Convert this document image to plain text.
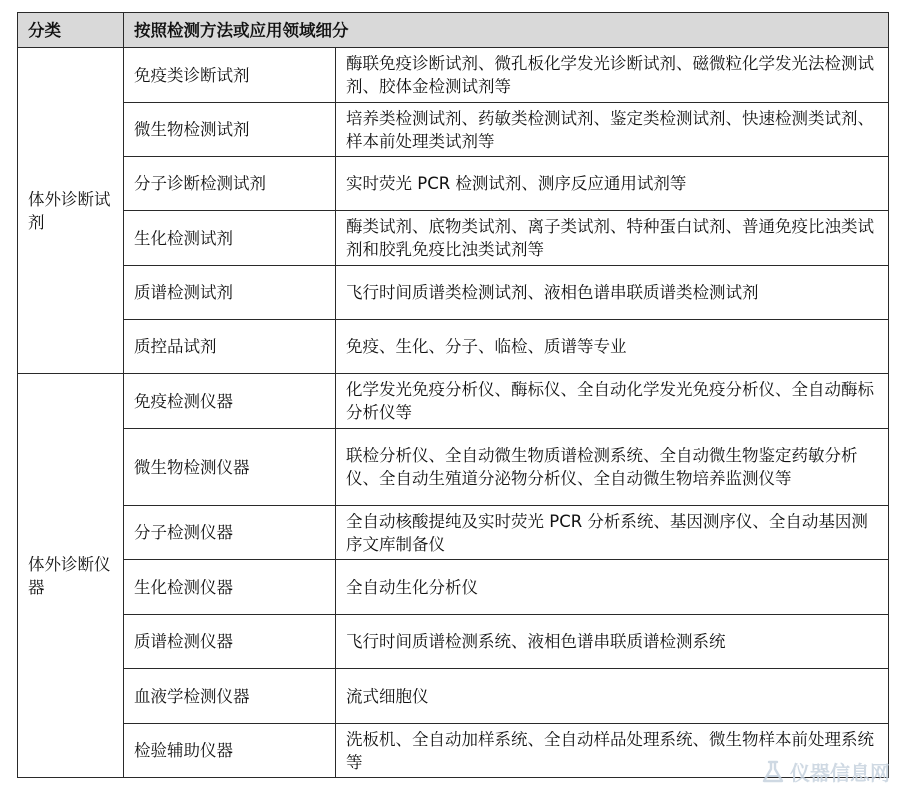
分类	按照检测方法或应用领域细分	
体外诊断试剂	免疫类诊断试剂	酶联免疫诊断试剂、微孔板化学发光诊断试剂、磁微粒化学发光法检测试剂、胶体金检测试剂等
	微生物检测试剂	培养类检测试剂、药敏类检测试剂、鉴定类检测试剂、快速检测类试剂、样本前处理类试剂等
	分子诊断检测试剂	实时荧光 PCR 检测试剂、测序反应通用试剂等
	生化检测试剂	酶类试剂、底物类试剂、离子类试剂、特种蛋白试剂、普通免疫比浊类试剂和胶乳免疫比浊类试剂等
	质谱检测试剂	飞行时间质谱类检测试剂、液相色谱串联质谱类检测试剂
	质控品试剂	免疫、生化、分子、临检、质谱等专业
体外诊断仪器	免疫检测仪器	化学发光免疫分析仪、酶标仪、全自动化学发光免疫分析仪、全自动酶标分析仪等
	微生物检测仪器	联检分析仪、全自动微生物质谱检测系统、全自动微生物鉴定药敏分析仪、全自动生殖道分泌物分析仪、全自动微生物培养监测仪等
	分子检测仪器	全自动核酸提纯及实时荧光 PCR 分析系统、基因测序仪、全自动基因测序文库制备仪
	生化检测仪器	全自动生化分析仪
	质谱检测仪器	飞行时间质谱检测系统、液相色谱串联质谱检测系统
	血液学检测仪器	流式细胞仪
	检验辅助仪器	洗板机、全自动加样系统、全自动样品处理系统、微生物样本前处理系统等	仪器信息网
